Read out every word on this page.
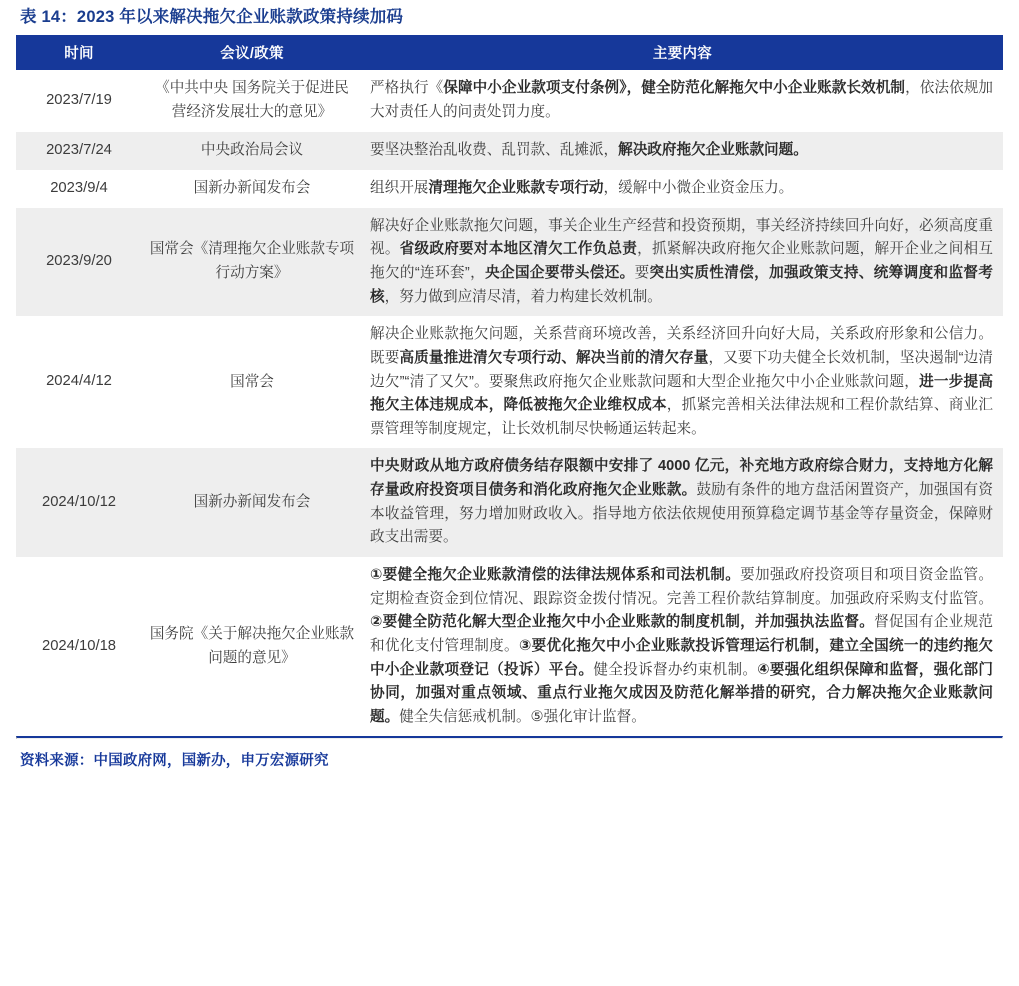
表 14：2023 年以来解决拖欠企业账款政策持续加码
时间	会议/政策	主要内容
2023/7/19	《中共中央 国务院关于促进民营经济发展壮大的意见》	严格执行《保障中小企业款项支付条例》，健全防范化解拖欠中小企业账款长效机制，依法依规加大对责任人的问责处罚力度。
2023/7/24	中央政治局会议	要坚决整治乱收费、乱罚款、乱摊派，解决政府拖欠企业账款问题。
2023/9/4	国新办新闻发布会	组织开展清理拖欠企业账款专项行动，缓解中小微企业资金压力。
2023/9/20	国常会《清理拖欠企业账款专项行动方案》	解决好企业账款拖欠问题，事关企业生产经营和投资预期，事关经济持续回升向好，必须高度重视。省级政府要对本地区清欠工作负总责，抓紧解决政府拖欠企业账款问题，解开企业之间相互拖欠的“连环套”，央企国企要带头偿还。要突出实质性清偿，加强政策支持、统筹调度和监督考核，努力做到应清尽清，着力构建长效机制。
2024/4/12	国常会	解决企业账款拖欠问题，关系营商环境改善，关系经济回升向好大局，关系政府形象和公信力。既要高质量推进清欠专项行动、解决当前的清欠存量，又要下功夫健全长效机制，坚决遏制“边清边欠”“清了又欠”。要聚焦政府拖欠企业账款问题和大型企业拖欠中小企业账款问题，进一步提高拖欠主体违规成本，降低被拖欠企业维权成本，抓紧完善相关法律法规和工程价款结算、商业汇票管理等制度规定，让长效机制尽快畅通运转起来。
2024/10/12	国新办新闻发布会	中央财政从地方政府债务结存限额中安排了 4000 亿元，补充地方政府综合财力，支持地方化解存量政府投资项目债务和消化政府拖欠企业账款。鼓励有条件的地方盘活闲置资产，加强国有资本收益管理，努力增加财政收入。指导地方依法依规使用预算稳定调节基金等存量资金，保障财政支出需要。
2024/10/18	国务院《关于解决拖欠企业账款问题的意见》	①要健全拖欠企业账款清偿的法律法规体系和司法机制。要加强政府投资项目和项目资金监管。定期检查资金到位情况、跟踪资金拨付情况。完善工程价款结算制度。加强政府采购支付监管。②要健全防范化解大型企业拖欠中小企业账款的制度机制，并加强执法监督。督促国有企业规范和优化支付管理制度。③要优化拖欠中小企业账款投诉管理运行机制，建立全国统一的违约拖欠中小企业款项登记（投诉）平台。健全投诉督办约束机制。④要强化组织保障和监督，强化部门协同，加强对重点领域、重点行业拖欠成因及防范化解举措的研究，合力解决拖欠企业账款问题。健全失信惩戒机制。⑤强化审计监督。
资料来源：中国政府网，国新办，申万宏源研究
